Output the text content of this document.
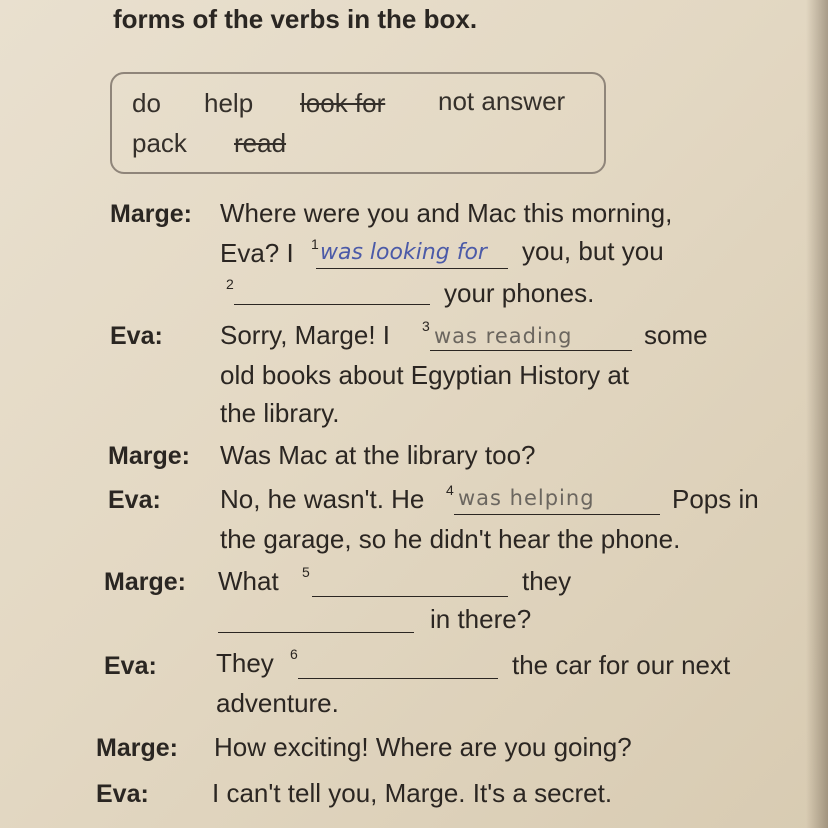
forms of the verbs in the box.
do help look for not answer
pack read
Marge: Where were you and Mac this morning,
Eva? I 1 was looking for you, but you
2	your phones.
Eva: Sorry, Marge! I 3 was reading	some
old books about Egyptian History at
the library.
Marge: Was Mac at the library too?
Eva: No, he wasn't. He 4 was helping	Pops in
the garage, so he didn't hear the phone.
Marge: What 5	they
in there?
Eva: They 6	the car for our next
adventure.
Marge: How exciting! Where are you going?
Eva: I can't tell you, Marge. It's a secret.
